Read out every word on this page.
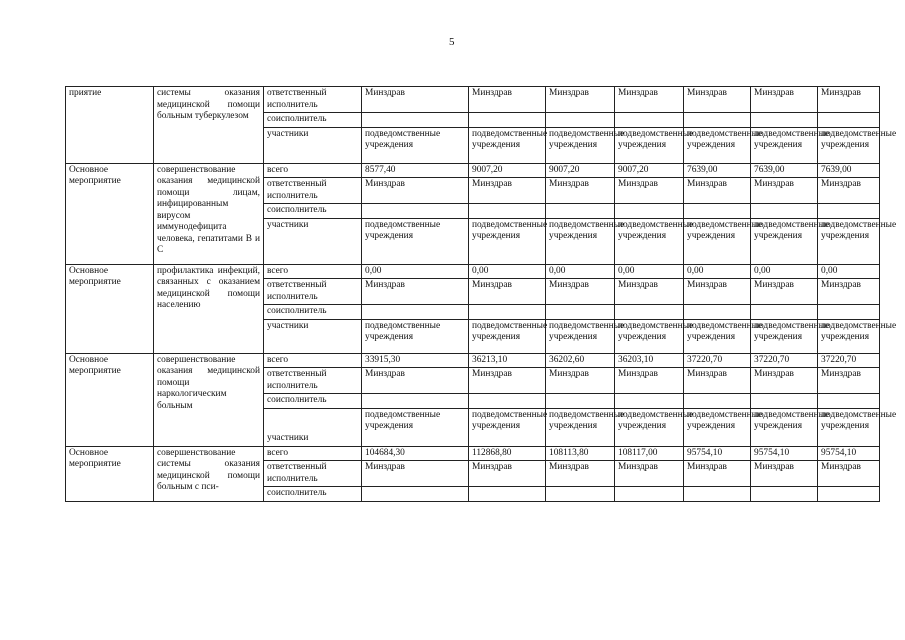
5
приятие	системы оказания медицинской помощи больным туберкулезом	ответственный исполнитель	Минздрав	Минздрав	Минздрав	Минздрав	Минздрав	Минздрав	Минздрав
		соисполнитель							
		участники	подведомственные учреждения	подведомственные учреждения	подведомственные учреждения	подведомственные учреждения	подведомственные учреждения	подведомственные учреждения	подведомственные учреждения
Основное мероприятие	совершенствование оказания медицинской помощи лицам, инфицированным вирусом иммунодефицита человека, гепатитами В и С	всего	8577,40	9007,20	9007,20	9007,20	7639,00	7639,00	7639,00
		ответственный исполнитель	Минздрав	Минздрав	Минздрав	Минздрав	Минздрав	Минздрав	Минздрав
		соисполнитель							
		участники	подведомственные учреждения	подведомственные учреждения	подведомственные учреждения	подведомственные учреждения	подведомственные учреждения	подведомственные учреждения	подведомственные учреждения
Основное мероприятие	профилактика инфекций, связанных с оказанием медицинской помощи населению	всего	0,00	0,00	0,00	0,00	0,00	0,00	0,00
		ответственный исполнитель	Минздрав	Минздрав	Минздрав	Минздрав	Минздрав	Минздрав	Минздрав
		соисполнитель							
		участники	подведомственные учреждения	подведомственные учреждения	подведомственные учреждения	подведомственные учреждения	подведомственные учреждения	подведомственные учреждения	подведомственные учреждения
Основное мероприятие	совершенствование оказания медицинской помощи наркологическим больным	всего	33915,30	36213,10	36202,60	36203,10	37220,70	37220,70	37220,70
		ответственный исполнитель	Минздрав	Минздрав	Минздрав	Минздрав	Минздрав	Минздрав	Минздрав
		соисполнитель							
		участники	подведомственные учреждения	подведомственные учреждения	подведомственные учреждения	подведомственные учреждения	подведомственные учреждения	подведомственные учреждения	подведомственные учреждения
Основное мероприятие	совершенствование системы оказания медицинской помощи больным с пси-	всего	104684,30	112868,80	108113,80	108117,00	95754,10	95754,10	95754,10
		ответственный исполнитель	Минздрав	Минздрав	Минздрав	Минздрав	Минздрав	Минздрав	Минздрав
		соисполнитель							
